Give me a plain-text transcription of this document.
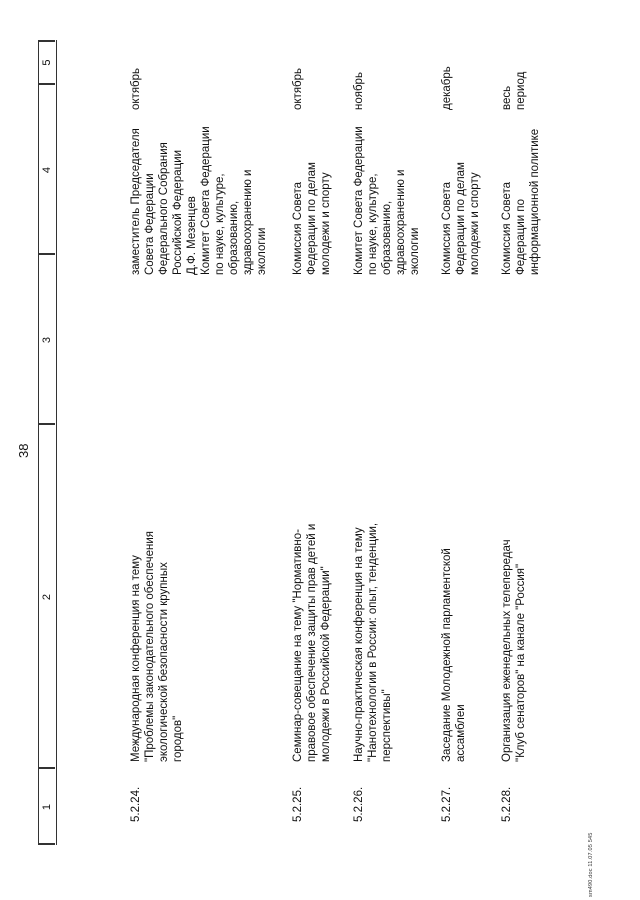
38
1
2
3
4
5
5.2.24.
Международная конференция на тему
"Проблемы законодательного обеспечения
экологической безопасности крупных
городов"
заместитель Председателя
Совета Федерации
Федерального Собрания
Российской Федерации
Д.Ф. Мезенцев
Комитет Совета Федерации
по науке, культуре,
образованию,
здравоохранению и
экологии
октябрь
5.2.25.
Семинар-совещание на тему "Нормативно-
правовое обеспечение защиты прав детей и
молодежи в Российской Федерации"
Комиссия Совета
Федерации по делам
молодежи и спорту
октябрь
5.2.26.
Научно-практическая конференция на тему
"Нанотехнологии в России: опыт, тенденции,
перспективы"
Комитет Совета Федерации
по науке, культуре,
образованию,
здравоохранению и
экологии
ноябрь
5.2.27.
Заседание Молодежной парламентской
ассамблеи
Комиссия Совета
Федерации по делам
молодежи и спорту
декабрь
5.2.28.
Организация еженедельных телепередач
"Клуб сенаторов" на канале "Россия"
Комиссия Совета
Федерации по
информационной политике
весь
период
sm490.doc 11.07.05 545
